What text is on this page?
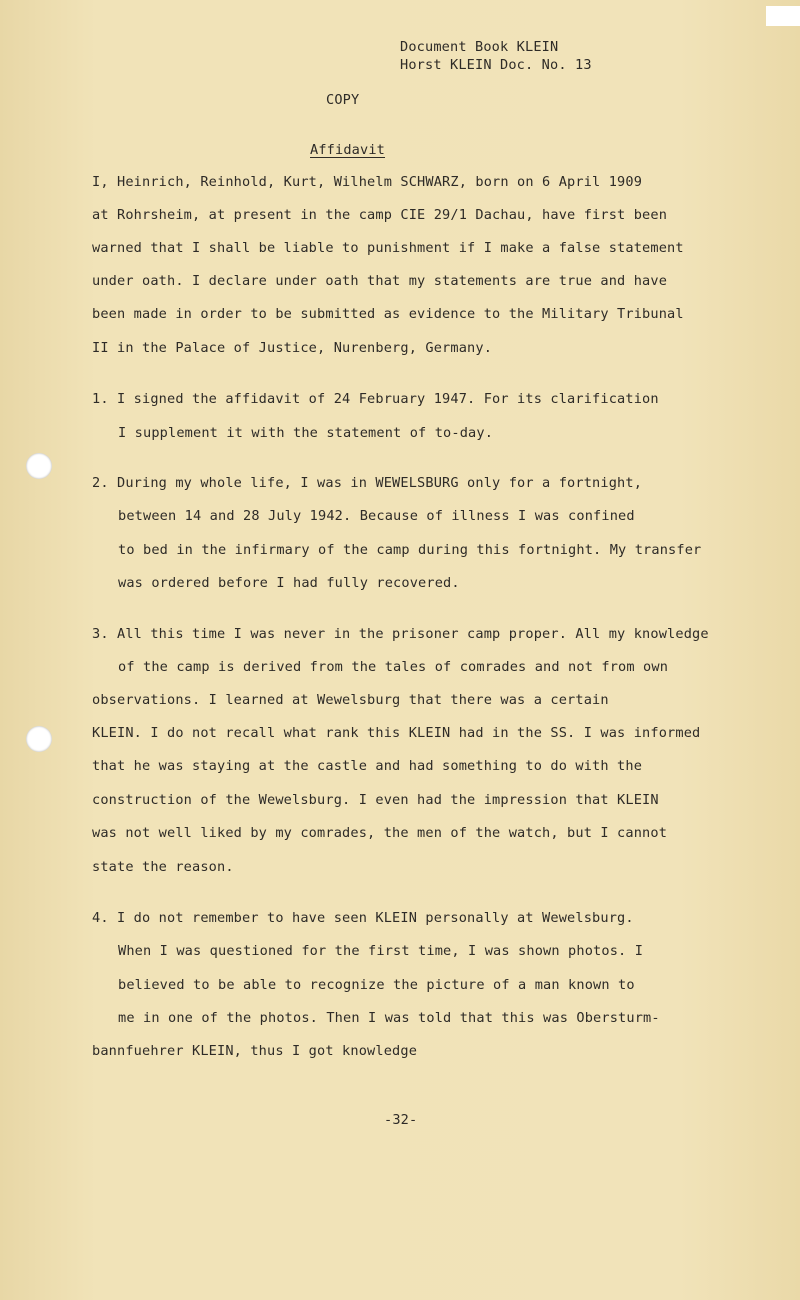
Document Book KLEIN
Horst KLEIN Doc. No. 13
COPY
Affidavit
I, Heinrich, Reinhold, Kurt, Wilhelm SCHWARZ, born on 6 April 1909
at Rohrsheim, at present in the camp CIE 29/1 Dachau, have first been
warned that I shall be liable to punishment if I make a false statement
under oath. I declare under oath that my statements are true and have
been made in order to be submitted as evidence to the Military Tribunal
II in the Palace of Justice, Nurenberg, Germany.
1. I signed the affidavit of 24 February 1947. For its clarification
I supplement it with the statement of to-day.
2. During my whole life, I was in WEWELSBURG only for a fortnight,
between 14 and 28 July 1942. Because of illness I was confined
to bed in the infirmary of the camp during this fortnight. My transfer
was ordered before I had fully recovered.
3. All this time I was never in the prisoner camp proper. All my knowledge
of the camp is derived from the tales of comrades and not from own
observations. I learned at Wewelsburg that there was a certain
KLEIN. I do not recall what rank this KLEIN had in the SS. I was informed
that he was staying at the castle and had something to do with the
construction of the Wewelsburg. I even had the impression that KLEIN
was not well liked by my comrades, the men of the watch, but I cannot
state the reason.
4. I do not remember to have seen KLEIN personally at Wewelsburg.
When I was questioned for the first time, I was shown photos. I
believed to be able to recognize the picture of a man known to
me in one of the photos. Then I was told that this was Obersturm-
bannfuehrer KLEIN, thus I got knowledge
-32-
